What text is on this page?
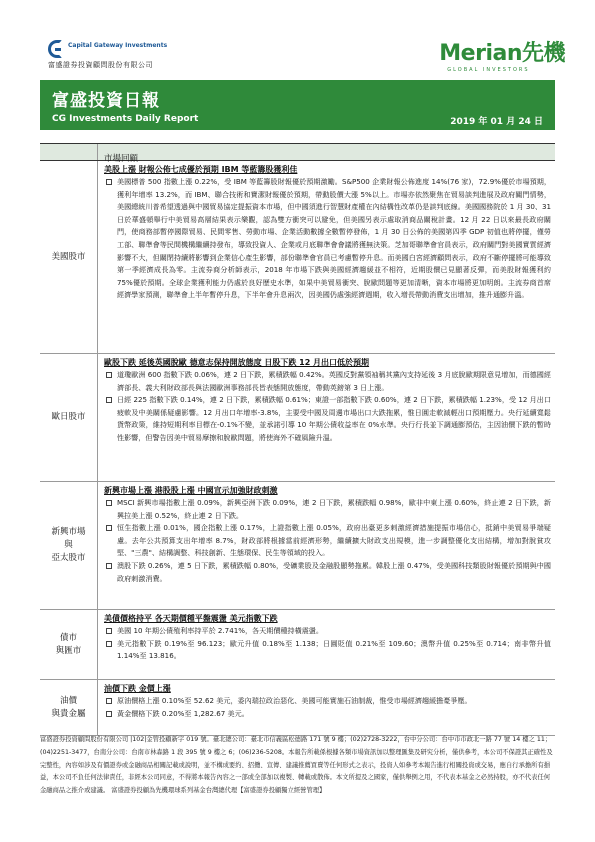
Capital Gateway Investments
富盛證券投資顧問股份有限公司	Merian先機
GLOBAL INVESTORS
富盛投資日報
CG Investments Daily Report	2019 年 01 月 24 日
市場回顧
美國股市
美股上漲 財報公佈七成優於預期 IBM 等藍籌股獲利佳
美國標普 500 指數上漲 0.22%，受 IBM 等藍籌股財報優於預期激勵。S&P500 企業財報公佈進度 14%(76 家)，72.9%優於市場預期，獲利年增率 13.2%，而 IBM、聯合技術和寶潔財報優於預期，帶動股價大漲 5%以上。市場亦依然聚焦在貿易談判進展及政府關門情勢，美國總統川普希望透過與中國貿易協定提振資本市場，但中國須進行智慧財產權在內結構性改革仍是談判底線。美國國務院於 1 月 30、31 日於華盛頓舉行中美貿易高層結果表示樂觀，認為雙方衝突可以避免，但美國另表示處取消商品關稅計畫。12 月 22 日以來最長政府關門，使商務部暫停國際貿易、民間零售、勞動市場、企業活動數據全數暫停發佈，1 月 30 日公佈的美國第四季 GDP 初值也將停擺，僅勞工部、聯準會等民間機構繼續持發布，導致投資人、企業或月底聯準會會議將獲無決策。芝加哥聯準會官員表示，政府關門對美國實質經濟影響不大，但關閉持續將影響到企業信心產生影響，部份聯準會官員已考慮暫停升息。而美國白宮經濟顧問表示，政府不斷停擺將可能導致第一季經濟成長為零。主流券商分析師表示，2018 年市場下跌與美國經濟趨緩並不相符，近期股價已見顯著反彈，而美股財報獲利約 75%優於預期。全球企業獲利能力仍處於良好歷史水準，如果中美貿易衝突、脫歐問題等更加清晰，資本市場將更加明朗。主流券商首席經濟學家預測，聯準會上半年暫停升息，下半年會升息兩次，因美國仍處強經濟週期，收入增長帶動消費支出增加，推升通膨升溫。
歐日股市
歐股下跌 延後英國脫歐 德意志保持開放態度 日股下跌 12 月出口低於預期
道瓊歐洲 600 指數下跌 0.06%，連 2 日下跌，累積跌幅 0.42%。英國反對黨領袖稱其黨內支持延後 3 月底脫歐期限意見增加，而德國經濟部長、義大利財政部長與法國歐洲事務部長皆表態開放態度，帶動英鎊第 3 日上漲。
日經 225 指數下跌 0.14%，連 2 日下跌，累積跌幅 0.61%；東證一部指數下跌 0.60%，連 2 日下跌，累積跌幅 1.23%，受 12 月出口疲軟及中美關係疑慮影響。12 月出口年增率-3.8%，主要受中國及周邊市場出口大跌拖累，惟日圓走軟減輕出口預期壓力。央行延續寬鬆貨幣政策，維持短期利率目標在-0.1%不變，並承諾引導 10 年期公債收益率在 0%水準。央行行長並下調通膨預估，主因油價下跌的暫時性影響，但警告因美中貿易摩擦和脫歐問題，將使海外不確風險升溫。
新興市場
與
亞太股市
新興市場上漲 港股股上漲 中國宣示加強財政刺激
MSCI 新興市場指數上漲 0.09%，新興亞洲下跌 0.09%，連 2 日下跌，累積跌幅 0.98%，歐非中東上漲 0.60%，終止連 2 日下跌，新興拉美上漲 0.52%，終止連 2 日下跌。
恒生指數上漲 0.01%，國企指數上漲 0.17%，上證指數上漲 0.05%，政府出臺更多刺激經濟措施提振市場信心，抵銷中美貿易爭端疑慮。去年公共預算支出年增率 8.7%，財政部將根據當前經濟形勢，繼續擴大財政支出規模，進一步調整優化支出結構，增加對脫貧攻堅、"三農"、結構調整、科技創新、生態環保、民生等領域的投入。
澳股下跌 0.26%，連 5 日下跌，累積跌幅 0.80%，受礦業股及金融股顯勢拖累。韓股上漲 0.47%，受美國科技類股財報優於預期與中國政府刺激消費。
債市
與匯市
美債價格持平 各天期價種平盤震盪 美元指數下跌
美國 10 年期公債殖利率持平於 2.741%，各天期價種持橫震盪。
美元指數下跌 0.19%至 96.123；歐元升值 0.18%至 1.138；日圓貶值 0.21%至 109.60；澳幣升值 0.25%至 0.714；南非幣升值 1.14%至 13.816。
油價
與貴金屬
油價下跌 金價上漲
原油價格上漲 0.10%至 52.62 美元，委內瑞拉政治惡化、美國可能實施石油制裁，惟受市場經濟趨緩擔憂爭壓。
黃金價格下跌 0.20%至 1,282.67 美元。
富盛證券投資顧問股份有限公司 |102|金管投顧新字 019 號。臺北總公司：臺北市信義區松德路 171 號 9 樓；(02)2728-3222，台中分公司：台中市市政北一路 77 號 14 樓之 11；(04)2251-3477，台南分公司：台南市林森路 1 段 395 號 9 樓之 6；(06)236-5208。本報告所載係根據各類市場資訊加以整理匯集及研究分析，僅供參考，本公司不保證其正確性及完整性，內容如涉及有價證券或金融商品相關記載或說明，並不構成要約、招攬、宣傳、建議推薦買賣等任何形式之表示，投資人如參考本報告進行相關投資或交易，應自行承擔所有損益，本公司不負任何法律責任，非經本公司同意，不得將本報告內容之一部或全部加以複製、轉載或散佈。本文所提及之國家，僅供舉例之用，不代表本基金之必然持股，亦不代表任何金融商品之推介或建議。 富盛證券投顧為先機環球系列基金台灣總代理【富盛證券投顧獨立經營管理】
